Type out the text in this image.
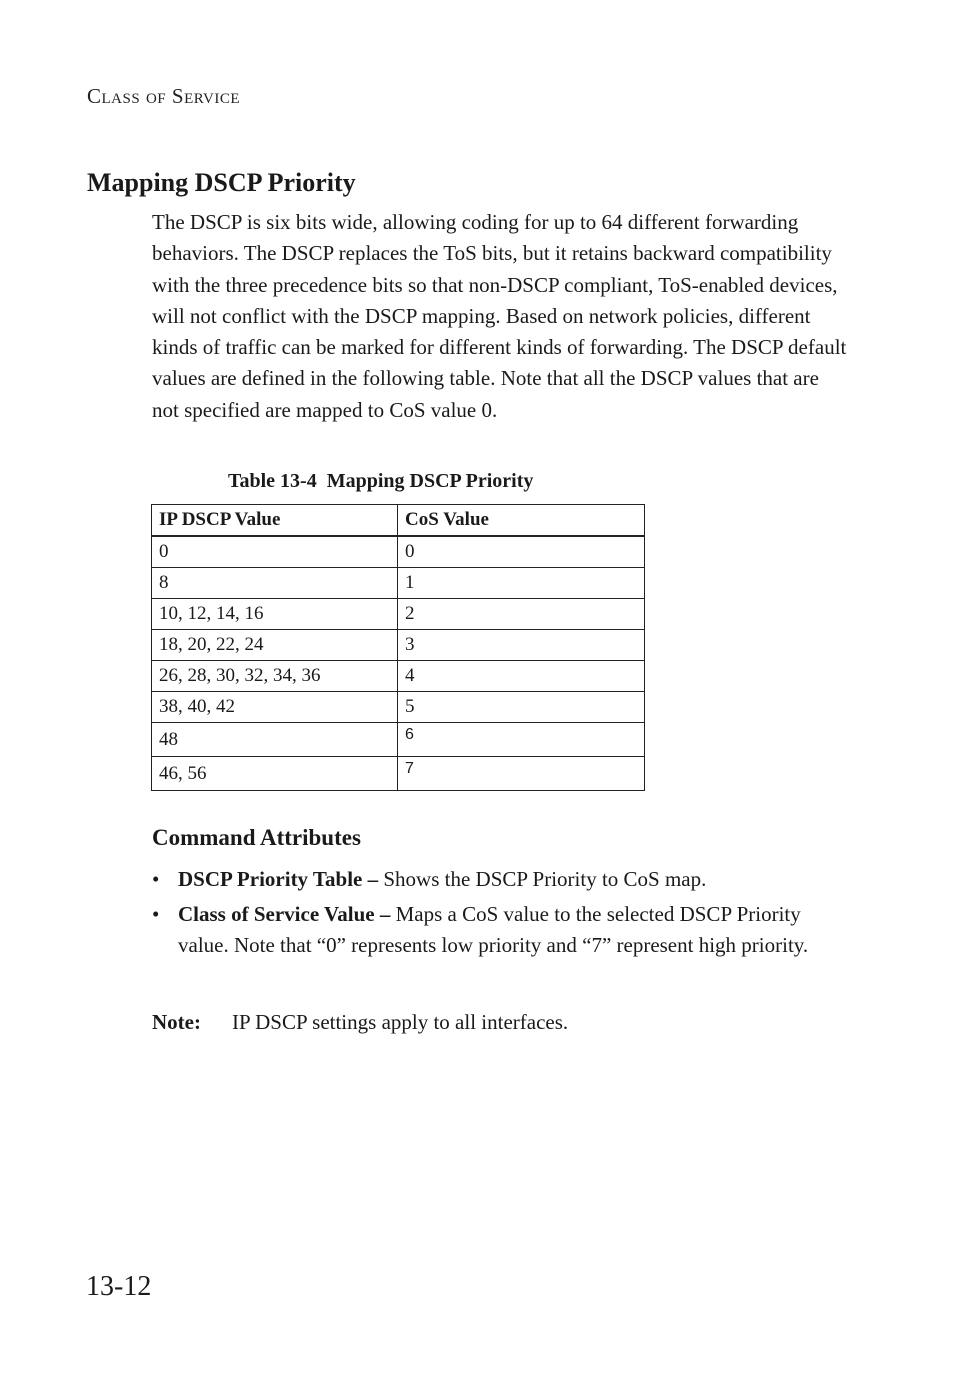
CLASS OF SERVICE
Mapping DSCP Priority

The DSCP is six bits wide, allowing coding for up to 64 different forwarding behaviors. The DSCP replaces the ToS bits, but it retains backward compatibility with the three precedence bits so that non-DSCP compliant, ToS-enabled devices, will not conflict with the DSCP mapping. Based on network policies, different kinds of traffic can be marked for different kinds of forwarding. The DSCP default values are defined in the following table. Note that all the DSCP values that are not specified are mapped to CoS value 0.

Table 13-4  Mapping DSCP Priority
IP DSCP Value	CoS Value
0	0
8	1
10, 12, 14, 16	2
18, 20, 22, 24	3
26, 28, 30, 32, 34, 36	4
38, 40, 42	5
48	6
46, 56	7
Command Attributes
• DSCP Priority Table – Shows the DSCP Priority to CoS map.
• Class of Service Value – Maps a CoS value to the selected DSCP Priority value. Note that “0” represents low priority and “7” represent high priority.
Note: IP DSCP settings apply to all interfaces.
13-12
